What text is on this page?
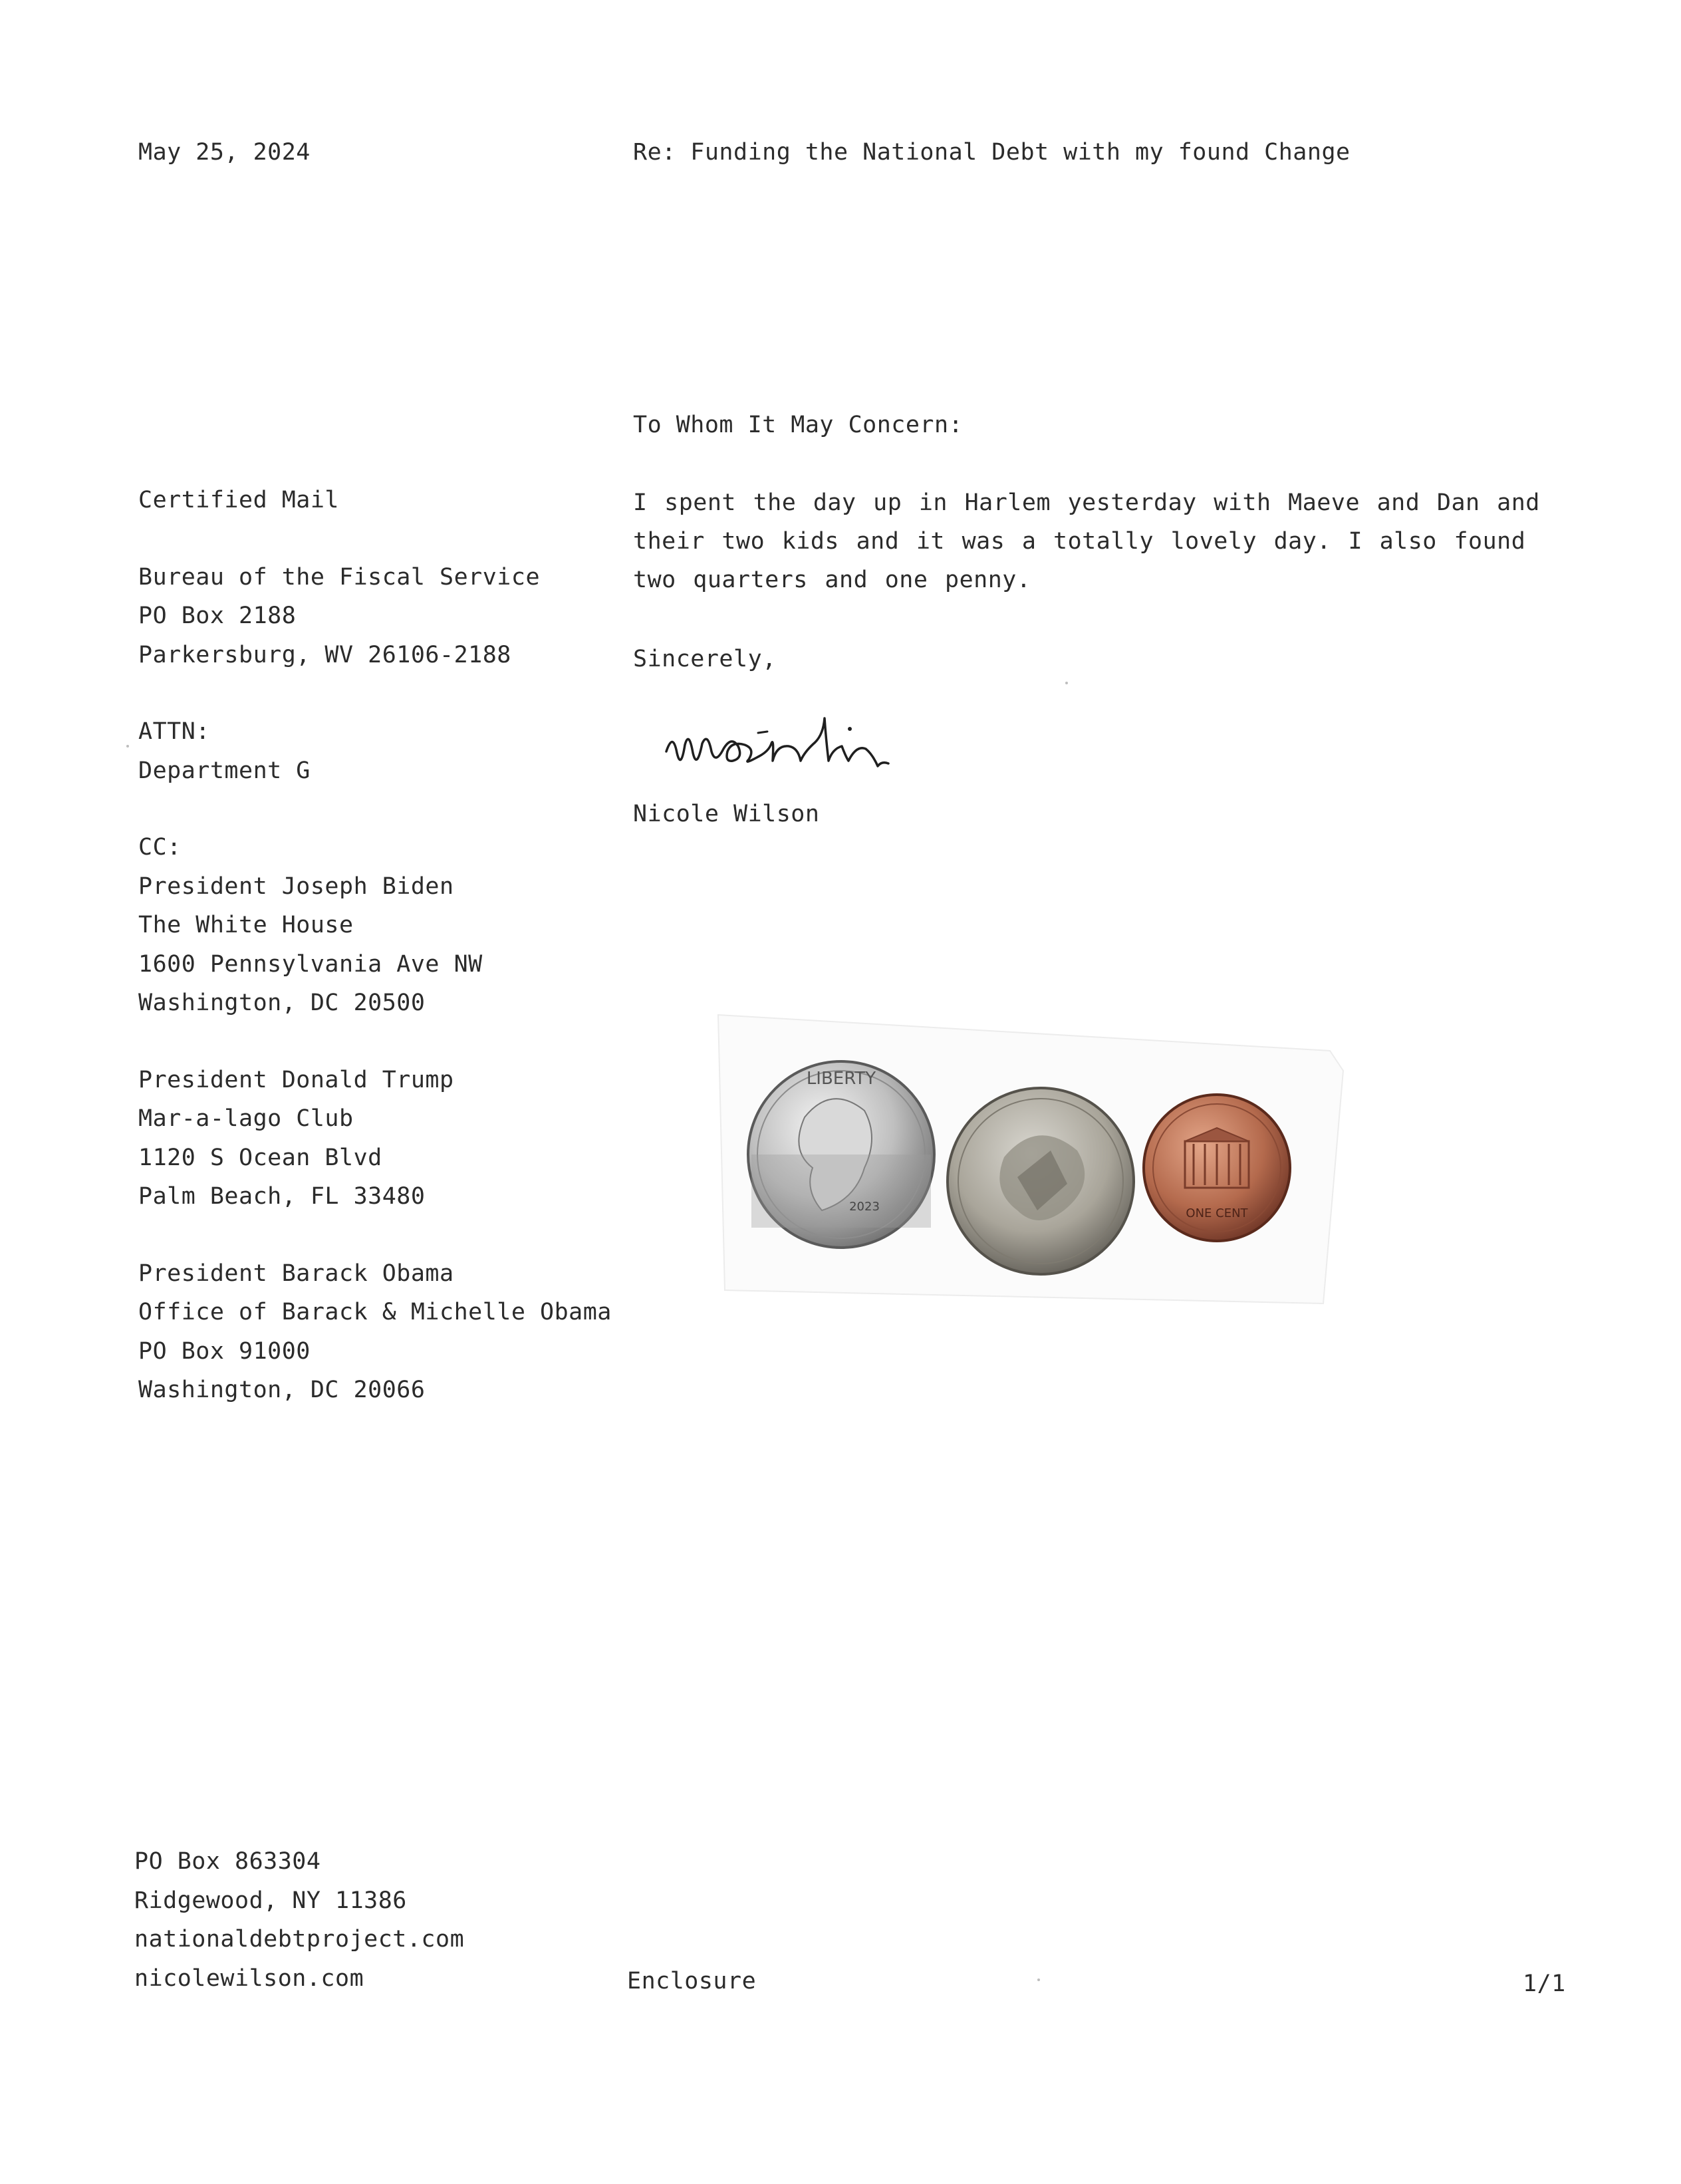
May 25, 2024	Re: Funding the National Debt with my found Change
To Whom It May Concern:
I spent the day up in Harlem yesterday with Maeve and Dan and their two kids and it was a totally lovely day. I also found two quarters and one penny.
Sincerely,
Nicole Wilson
Certified Mail
Bureau of the Fiscal Service
PO Box 2188
Parkersburg, WV 26106-2188
ATTN:
Department G
CC:
President Joseph Biden
The White House
1600 Pennsylvania Ave NW
Washington, DC 20500
President Donald Trump
Mar-a-lago Club
1120 S Ocean Blvd
Palm Beach, FL 33480
President Barack Obama
Office of Barack & Michelle Obama
PO Box 91000
Washington, DC 20066
LIBERTY
2023	ONE CENT
PO Box 863304
Ridgewood, NY 11386
nationaldebtproject.com
nicolewilson.com	Enclosure	1/1
